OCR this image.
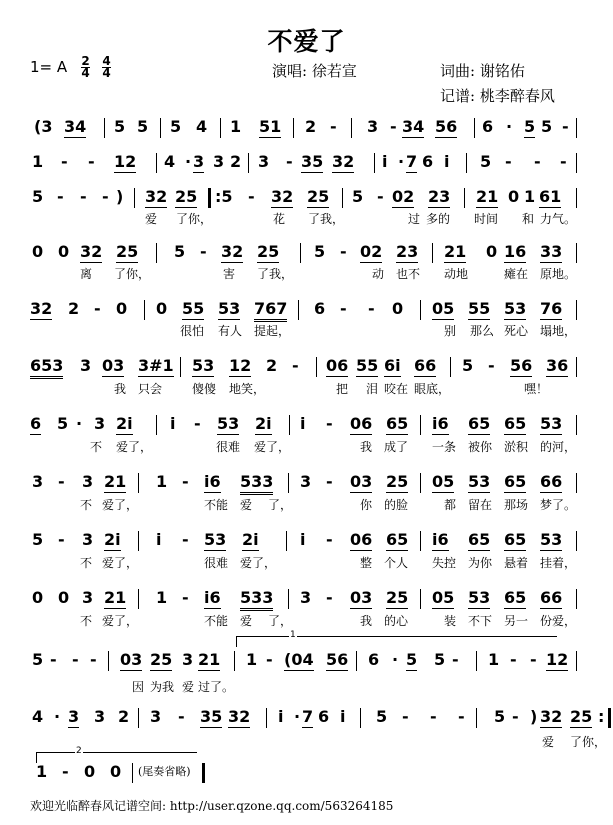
不爱了
1= A 2
4
4
4	演唱: 徐若宣	词曲: 谢铭佑
记谱: 桃李醉春风
(3 34 5 5 5 4 1 51 2 - 3 - 34 56 6 · 5 5 -
1 - - 12 4 · 3 3 2 3 - 35 32 i · 7 6 i 5 - - -
5 - - - ) 32 25 :5 - 32 25 5 - 02 23 21 0 1 61
爱 了你，	花 了我，	过 多的 时间 和 力气。
0 0 32 25 5 - 32 25 5 - 02 23 21 0 16 33
离 了你，	害 了我，	动 也不 动地	瘫在 原地。
32 2 - 0 0 55 53 767 6 - - 0 05 55 53 76
很怕 有人 提起，	别 那么 死心 塌地，
653 3 03 3#1 53 12 2 - 06 55 6i 66 5 - 56 36
我 只会 傻傻 地笑，	把 泪 咬在 眼底，	嘿！
6 5 · 3 2i i - 53 2i i - 06 65 i6 65 65 53
不 爱了，	很难 爱了，	我 成了 一条 被你 淤积 的河，
3 - 3 21 1 - i6 533 3 - 03 25 05 53 65 66
不 爱了，	不能 爱 了，	你 的脸	都 留在 那场 梦了。
5 - 3 2i i - 53 2i	i - 06 65 i6 65 65 53
不 爱了，	很难 爱了，	整 个人 失控 为你 悬着 挂着，
0 0 3 21 1 - i6 533 3 - 03 25 05 53 65 66
不 爱了，	不能 爱 了，	我 的心	装 不下 另一 份爱，
5 - - - 03 25 3 21 1 - (04 56 6 · 5 5 - 1 - - 12
因 为我 爱 过了。
4 · 3 3 2 3 - 35 32 i · 7 6 i 5 - - - 5 - ) 32 25 :
爱 了你，
1 - 0 0 (尾奏省略)
1
2
欢迎光临醉春风记谱空间: http://user.qzone.qq.com/563264185
